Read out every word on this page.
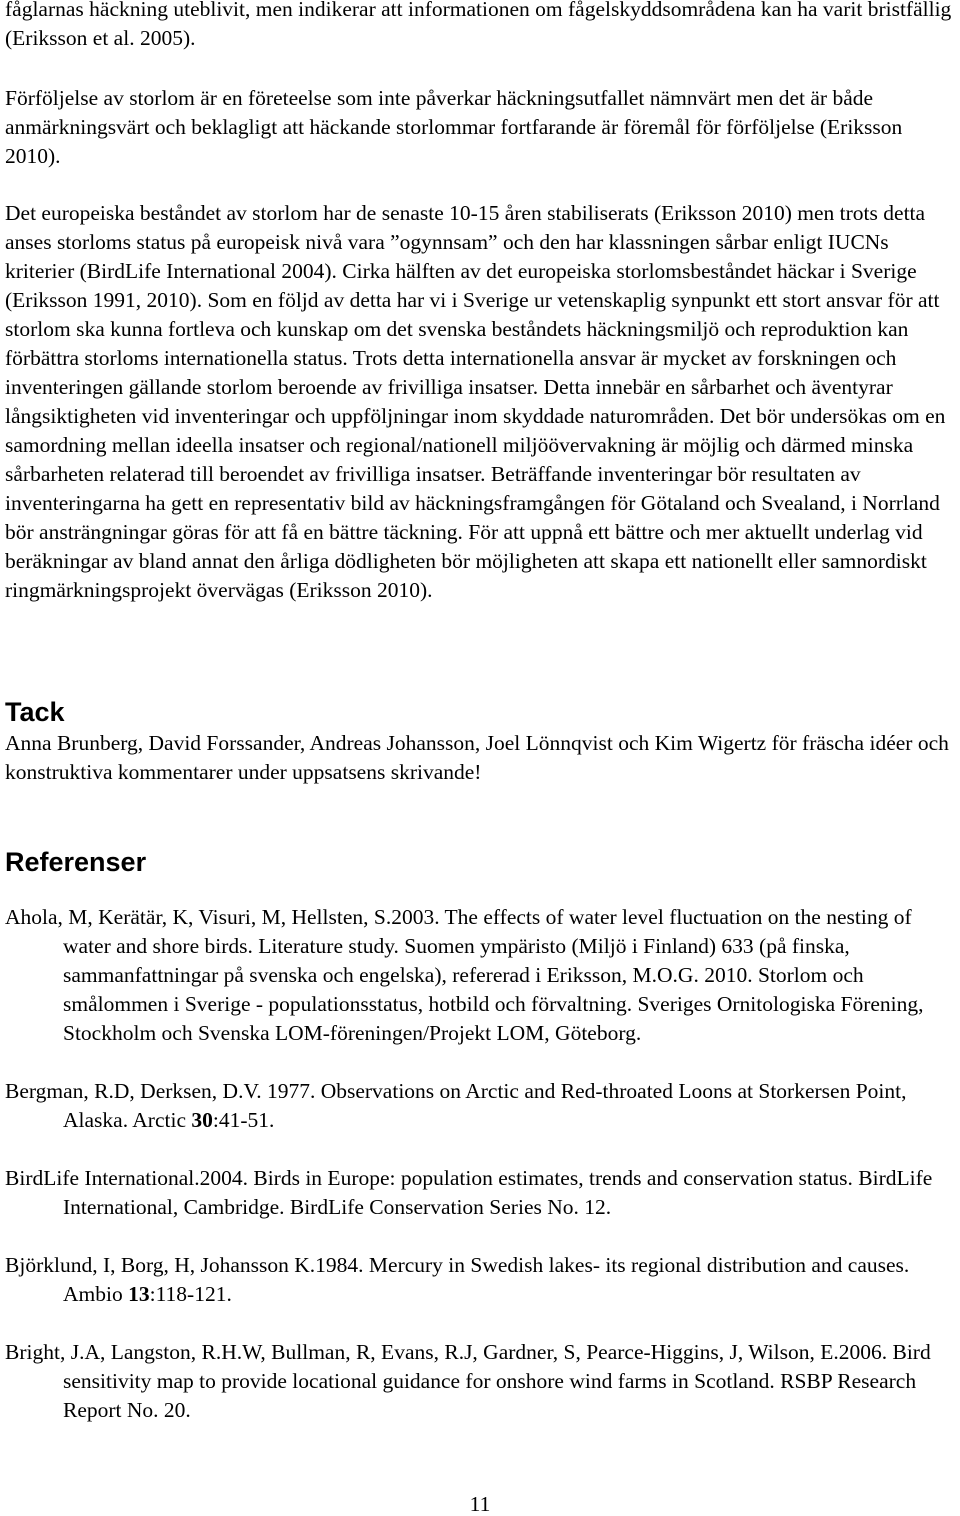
fåglarnas häckning uteblivit, men indikerar att informationen om fågelskyddsområdena kan ha varit bristfällig (Eriksson et al. 2005).

Förföljelse av storlom är en företeelse som inte påverkar häckningsutfallet nämnvärt men det är både anmärkningsvärt och beklagligt att häckande storlommar fortfarande är föremål för förföljelse (Eriksson 2010).

Det europeiska beståndet av storlom har de senaste 10-15 åren stabiliserats (Eriksson 2010) men trots detta anses storloms status på europeisk nivå vara ”ogynnsam” och den har klassningen sårbar enligt IUCNs kriterier (BirdLife International 2004). Cirka hälften av det europeiska storlomsbeståndet häckar i Sverige (Eriksson 1991, 2010). Som en följd av detta har vi i Sverige ur vetenskaplig synpunkt ett stort ansvar för att storlom ska kunna fortleva och kunskap om det svenska beståndets häckningsmiljö och reproduktion kan förbättra storloms internationella status. Trots detta internationella ansvar är mycket av forskningen och inventeringen gällande storlom beroende av frivilliga insatser. Detta innebär en sårbarhet och äventyrar långsiktigheten vid inventeringar och uppföljningar inom skyddade naturområden. Det bör undersökas om en samordning mellan ideella insatser och regional/nationell miljöövervakning är möjlig och därmed minska sårbarheten relaterad till beroendet av frivilliga insatser. Beträffande inventeringar bör resultaten av inventeringarna ha gett en representativ bild av häckningsframgången för Götaland och Svealand, i Norrland bör ansträngningar göras för att få en bättre täckning. För att uppnå ett bättre och mer aktuellt underlag vid beräkningar av bland annat den årliga dödligheten bör möjligheten att skapa ett nationellt eller samnordiskt ringmärkningsprojekt övervägas (Eriksson 2010).

Tack

Anna Brunberg, David Forssander, Andreas Johansson, Joel Lönnqvist och Kim Wigertz för fräscha idéer och konstruktiva kommentarer under uppsatsens skrivande!

Referenser

Ahola, M, Kerätär, K, Visuri, M, Hellsten, S.2003. The effects of water level fluctuation on the nesting of water and shore birds. Literature study. Suomen ympäristo (Miljö i Finland) 633 (på finska, sammanfattningar på svenska och engelska), refererad i Eriksson, M.O.G. 2010. Storlom och smålommen i Sverige - populationsstatus, hotbild och förvaltning. Sveriges Ornitologiska Förening, Stockholm och Svenska LOM-föreningen/Projekt LOM, Göteborg.

Bergman, R.D, Derksen, D.V. 1977. Observations on Arctic and Red-throated Loons at Storkersen Point, Alaska. Arctic 30:41-51.

BirdLife International.2004. Birds in Europe: population estimates, trends and conservation status. BirdLife International, Cambridge. BirdLife Conservation Series No. 12.

Björklund, I, Borg, H, Johansson K.1984. Mercury in Swedish lakes- its regional distribution and causes. Ambio 13:118-121.

Bright, J.A, Langston, R.H.W, Bullman, R, Evans, R.J, Gardner, S, Pearce-Higgins, J, Wilson, E.2006. Bird sensitivity map to provide locational guidance for onshore wind farms in Scotland. RSBP Research Report No. 20.

11
